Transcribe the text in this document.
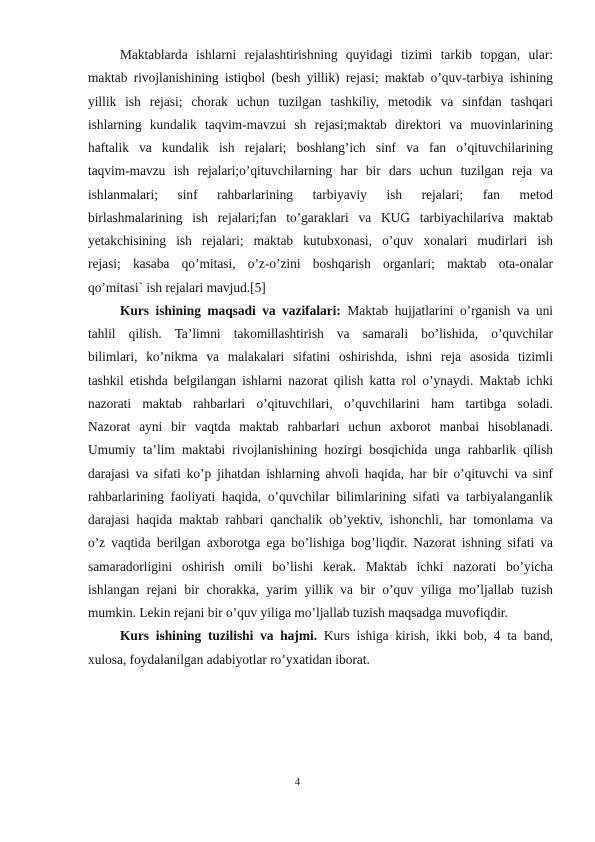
Maktablarda ishlarni rejalashtirishning quyidagi tizimi tarkib topgan, ular:
maktab rivojlanishining istiqbol (besh yillik) rejasi; maktab o’quv-tarbiya ishining
yillik ish rejasi; chorak uchun tuzilgan tashkiliy, metodik va sinfdan tashqari
ishlarning kundalik taqvim-mavzui sh rejasi;maktab direktori va muovinlarining
haftalik va kundalik ish rejalari; boshlang’ich sinf va fan o’qituvchilarining
taqvim-mavzu ish rejalari;o’qituvchilarning har bir dars uchun tuzilgan reja va
ishlanmalari; sinf rahbarlarining tarbiyaviy ish rejalari; fan metod
birlashmalarining ish rejalari;fan to’garaklari va KUG tarbiyachilariva maktab
yetakchisining ish rejalari; maktab kutubxonasi, o’quv xonalari mudirlari ish
rejasi; kasaba qo’mitasi, o’z-o’zini boshqarish organlari; maktab ota-onalar
qo’mitasi` ish rejalari mavjud.[5]
Kurs ishining maqsadi va vazifalari: Maktab hujjatlarini o’rganish va uni
tahlil qilish. Ta’limni takomillashtirish va samarali bo’lishida, o’quvchilar
bilimlari, ko’nikma va malakalari sifatini oshirishda, ishni reja asosida tizimli
tashkil etishda belgilangan ishlarni nazorat qilish katta rol o’ynaydi. Maktab ichki
nazorati maktab rahbarlari o’qituvchilari, o’quvchilarini ham tartibga soladi.
Nazorat ayni bir vaqtda maktab rahbarlari uchun axborot manbai hisoblanadi.
Umumiy ta’lim maktabi rivojlanishining hozirgi bosqichida unga rahbarlik qilish
darajasi va sifati ko’p jihatdan ishlarning ahvoli haqida, har bir o’qituvchi va sinf
rahbarlarining faoliyati haqida, o’quvchilar bilimlarining sifati va tarbiyalanganlik
darajasi haqida maktab rahbari qanchalik ob’yektiv, ishonchli, har tomonlama va
o’z vaqtida berilgan axborotga ega bo’lishiga bog’liqdir. Nazorat ishning sifati va
samaradorligini oshirish omili bo’lishi kerak. Maktab ichki nazorati bo’yicha
ishlangan rejani bir chorakka, yarim yillik va bir o’quv yiliga mo’ljallab tuzish
mumkin. Lekin rejani bir o’quv yiliga mo’ljallab tuzish maqsadga muvofiqdir.
Kurs ishining tuzilishi va hajmi. Kurs ishiga kirish, ikki bob, 4 ta band,
xulosa, foydalanilgan adabiyotlar ro’yxatidan iborat.
4
